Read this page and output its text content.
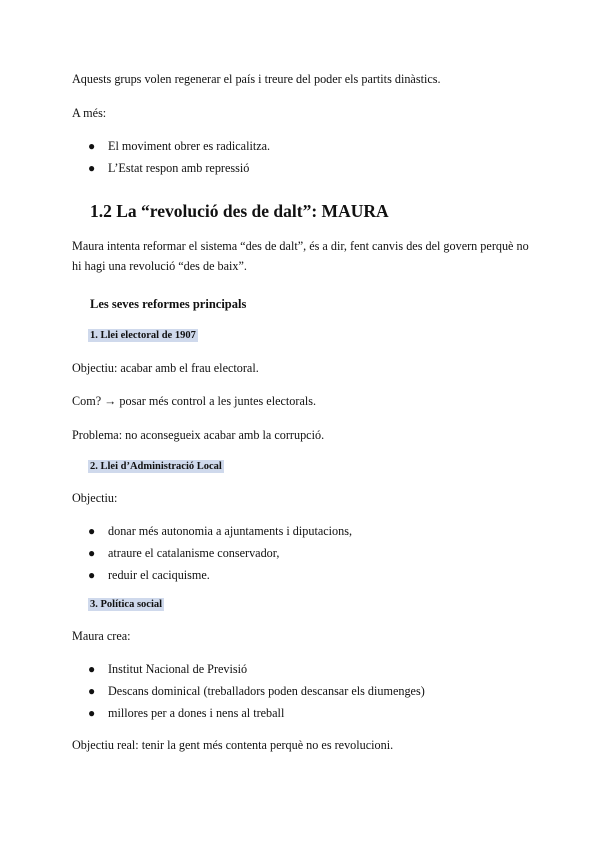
Aquests grups volen regenerar el país i treure del poder els partits dinàstics.

A més:

● El moviment obrer es radicalitza.
● L’Estat respon amb repressió
1.2 La “revolució des de dalt”: MAURA

Maura intenta reformar el sistema “des de dalt”, és a dir, fent canvis des del govern perquè no hi hagi una revolució “des de baix”.

Les seves reformes principals
1. Llei electoral de 1907

Objectiu: acabar amb el frau electoral.

Com? → posar més control a les juntes electorals.

Problema: no aconsegueix acabar amb la corrupció.

2. Llei d’Administració Local

Objectiu:

● donar més autonomia a ajuntaments i diputacions,
● atraure el catalanisme conservador,
● reduir el caciquisme.
3. Política social

Maura crea:

● Institut Nacional de Previsió
● Descans dominical (treballadors poden descansar els diumenges)
● millores per a dones i nens al treball

Objectiu real: tenir la gent més contenta perquè no es revolucioni.
